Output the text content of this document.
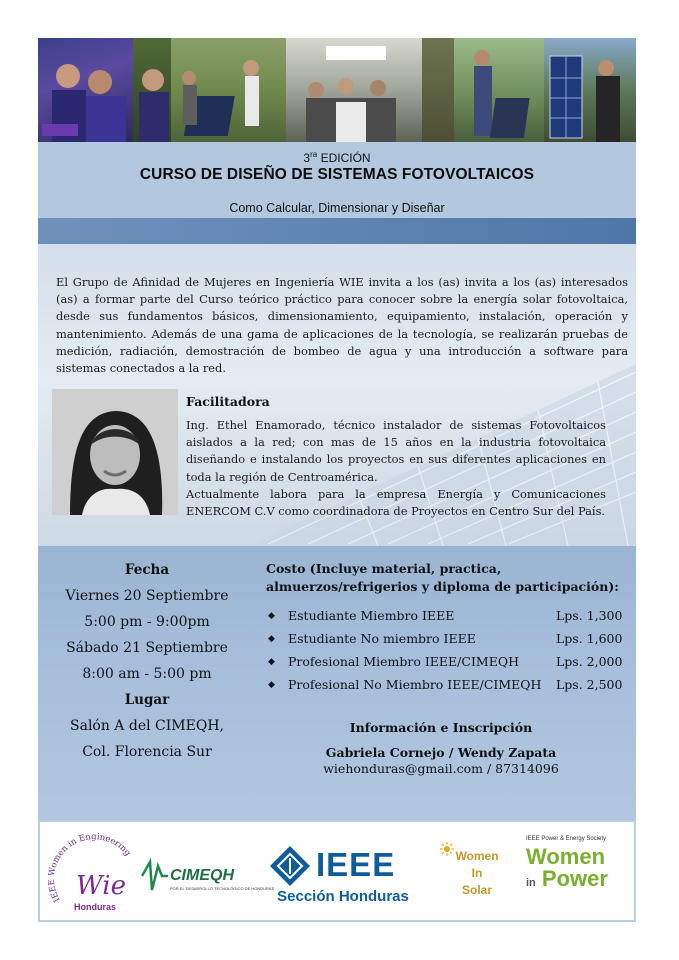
$3^{ra}$ EDICIÓN
CURSO DE DISEÑO DE SISTEMAS FOTOVOLTAICOS
Como Calcular, Dimensionar y Diseñar

El Grupo de Afinidad de Mujeres en Ingeniería WIE invita a los (as) invita a los (as) interesados (as) a formar parte del Curso teórico práctico para conocer sobre la energía solar fotovoltaica, desde sus fundamentos básicos, dimensionamiento, equipamiento, instalación, operación y mantenimiento. Además de una gama de aplicaciones de la tecnología, se realizarán pruebas de medición, radiación, demostración de bombeo de agua y una introducción a software para sistemas conectados a la red.

Facilitadora
Ing. Ethel Enamorado, técnico instalador de sistemas Fotovoltaicos aislados a la red; con mas de 15 años en la industria fotovoltaica diseñando e instalando los proyectos en sus diferentes aplicaciones en toda la región de Centroamérica.
Actualmente labora para la empresa Energía y Comunicaciones ENERCOM C.V como coordinadora de Proyectos en Centro Sur del País.
Fecha
Viernes 20 Septiembre
5:00 pm - 9:00pm
Sábado 21 Septiembre
8:00 am - 5:00 pm
Lugar
Salón A del CIMEQH,
Col. Florencia Sur
Costo (Incluye material, practica, almuerzos/refrigerios y diploma de participación):
◆	Estudiante Miembro IEEE	Lps. 1,300
◆	Estudiante No miembro IEEE	Lps. 1,600
◆	Profesional Miembro IEEE/CIMEQH	Lps. 2,000
◆	Profesional No Miembro IEEE/CIMEQH	Lps. 2,500
Información e Inscripción
Gabriela Cornejo / Wendy Zapata
wiehonduras@gmail.com / 87314096
IEE Women in Engineering
Wie
Honduras
CIMEQH
POR EL DESARROLLO TECNOLÓGICO DE HONDURAS
IEEE
Sección Honduras
Women
In
Solar
IEEE Power & Energy Society
Women
in Power
